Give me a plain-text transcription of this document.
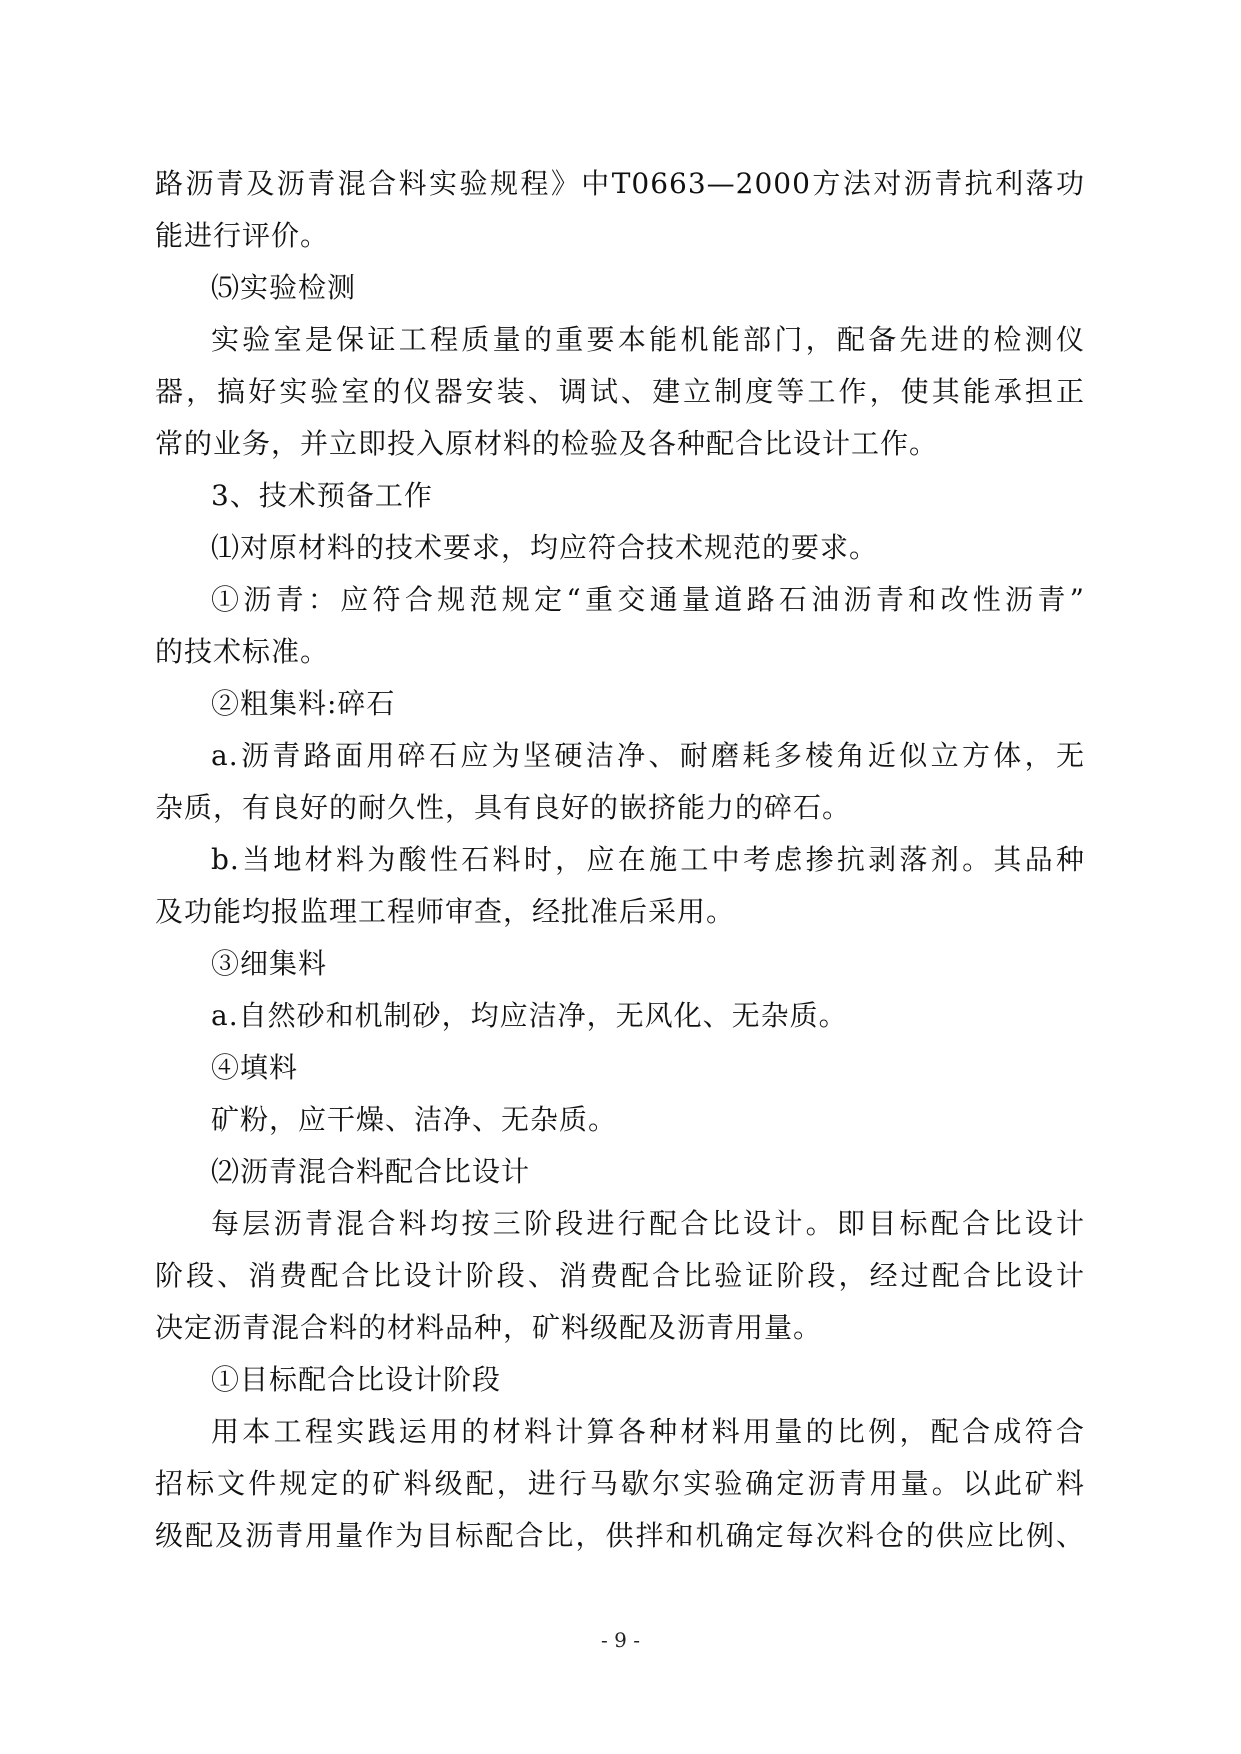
路沥青及沥青混合料实验规程》中T0663—2000方法对沥青抗利落功
能进行评价。
⑸实验检测
实验室是保证工程质量的重要本能机能部门，配备先进的检测仪
器，搞好实验室的仪器安装、调试、建立制度等工作，使其能承担正
常的业务，并立即投入原材料的检验及各种配合比设计工作。
3、技术预备工作
⑴对原材料的技术要求，均应符合技术规范的要求。
①沥青：应符合规范规定“重交通量道路石油沥青和改性沥青”
的技术标准。
②粗集料:碎石
a.沥青路面用碎石应为坚硬洁净、耐磨耗多棱角近似立方体，无
杂质，有良好的耐久性，具有良好的嵌挤能力的碎石。
b.当地材料为酸性石料时，应在施工中考虑掺抗剥落剂。其品种
及功能均报监理工程师审查，经批准后采用。
③细集料
a.自然砂和机制砂，均应洁净，无风化、无杂质。
④填料
矿粉，应干燥、洁净、无杂质。
⑵沥青混合料配合比设计
每层沥青混合料均按三阶段进行配合比设计。即目标配合比设计
阶段、消费配合比设计阶段、消费配合比验证阶段，经过配合比设计
决定沥青混合料的材料品种，矿料级配及沥青用量。
①目标配合比设计阶段
用本工程实践运用的材料计算各种材料用量的比例，配合成符合
招标文件规定的矿料级配，进行马歇尔实验确定沥青用量。以此矿料
级配及沥青用量作为目标配合比，供拌和机确定每次料仓的供应比例、
- 9 -
